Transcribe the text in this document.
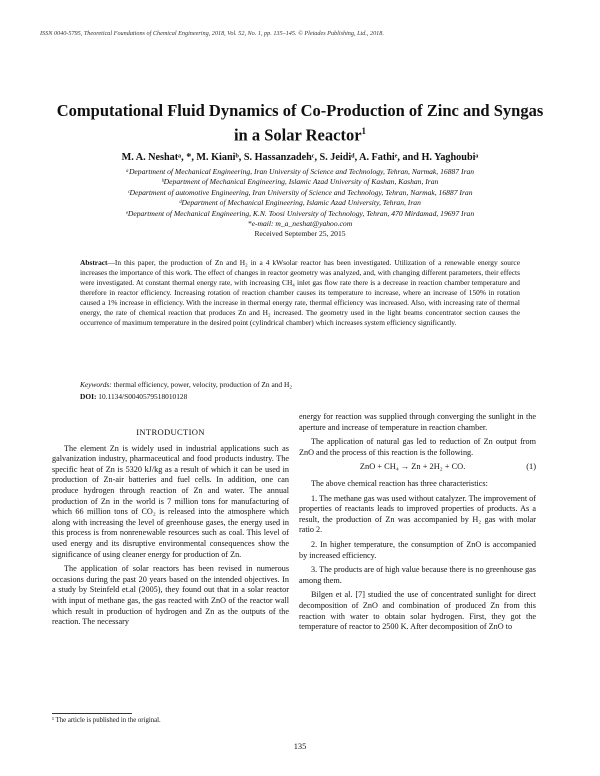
ISSN 0040-5795, Theoretical Foundations of Chemical Engineering, 2018, Vol. 52, No. 1, pp. 135–145. © Pleiades Publishing, Ltd., 2018.
Computational Fluid Dynamics of Co-Production of Zinc and Syngas
in a Solar Reactor$^1$
M. A. Neshatᵃ, *, M. Kianiᵇ, S. Hassanzadehᶜ, S. Jeidiᵈ, A. Fathiᵉ, and H. Yaghoubiᵃ
ᵃDepartment of Mechanical Engineering, Iran University of Science and Technology, Tehran, Narmak, 16887 Iran
ᵇDepartment of Mechanical Engineering, Islamic Azad University of Kashan, Kashan, Iran
ᶜDepartment of automotive Engineering, Iran University of Science and Technology, Tehran, Narmak, 16887 Iran
ᵈDepartment of Mechanical Engineering, Islamic Azad University, Tehran, Iran
ᵉDepartment of Mechanical Engineering, K.N. Toosi University of Technology, Tehran, 470 Mirdamad, 19697 Iran
*e-mail: m_a_neshat@yahoo.com
Received September 25, 2015
Abstract—In this paper, the production of Zn and H₂ in a 4 kWsolar reactor has been investigated. Utilization of a renewable energy source increases the importance of this work. The effect of changes in reactor geometry was analyzed, and, with changing different parameters, their effects were investigated. At constant thermal energy rate, with increasing CH₄ inlet gas flow rate there is a decrease in reaction chamber temperature and therefore in reactor efficiency. Increasing rotation of reaction chamber causes its temperature to increase, where an increase of 150% in rotation caused a 1% increase in efficiency. With the increase in thermal energy rate, thermal efficiency was increased. Also, with increasing rate of thermal energy, the rate of chemical reaction that produces Zn and H₂ increased. The geometry used in the light beams concentrator section causes the occurrence of maximum temperature in the desired point (cylindrical chamber) which increases system efficiency significantly.
Keywords: thermal efficiency, power, velocity, production of Zn and H₂
DOI: 10.1134/S0040579518010128
INTRODUCTION

The element Zn is widely used in industrial applications such as galvanization industry, pharmaceutical and food products industry. The specific heat of Zn is 5320 kJ/kg as a result of which it can be used in production of Zn-air batteries and fuel cells. In addition, one can produce hydrogen through reaction of Zn and water. The annual production of Zn in the world is 7 million tons for manufacturing of which 66 million tons of CO₂ is released into the atmosphere which along with increasing the level of greenhouse gases, the energy used in this process is from nonrenewable resources such as coal. This level of used energy and its disruptive environmental consequences show the significance of using cleaner energy for production of Zn.

The application of solar reactors has been revised in numerous occasions during the past 20 years based on the intended objectives. In a study by Steinfeld et.al (2005), they found out that in a solar reactor with input of methane gas, the gas reacted with ZnO of the reactor wall which result in production of hydrogen and Zn as the outputs of the reaction. The necessary

energy for reaction was supplied through converging the sunlight in the aperture and increase of temperature in reaction chamber.

The application of natural gas led to reduction of Zn output from ZnO and the process of this reaction is the following.

ZnO + CH₄ → Zn + 2H₂ + CO.	(1)

The above chemical reaction has three characteristics:

1. The methane gas was used without catalyzer. The improvement of properties of reactants leads to improved properties of products. As a result, the production of Zn was accompanied by H₂ gas with molar ratio 2.

2. In higher temperature, the consumption of ZnO is accompanied by increased efficiency.

3. The products are of high value because there is no greenhouse gas among them.

Bilgen et al. [7] studied the use of concentrated sunlight for direct decomposition of ZnO and combination of produced Zn from this reaction with water to obtain solar hydrogen. First, they got the temperature of reactor to 2500 K. After decomposition of ZnO to

¹ The article is published in the original.
135
